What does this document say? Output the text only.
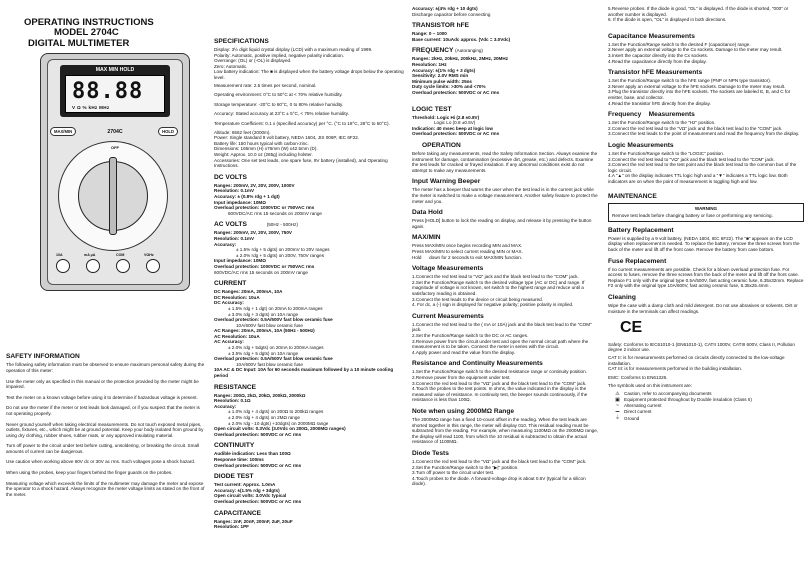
OPERATING INSTRUCTIONS
MODEL 2704C
DIGITAL MULTIMETER
MAX MIN HOLD
88.88
V Ω % kHz MHz
MAX/MIN	2704C	HOLD
OFF
10A	mA µA	COM	VΩHz
SAFETY INFORMATION
The following safety information must be observed to ensure maximum personal safety during the operation of this meter:
Use the meter only as specified in this manual or the protection provided by the meter might be impaired.
Test the meter on a known voltage before using it to determine if hazardous voltage is present.
Do not use the meter if the meter or test leads look damaged, or if you suspect that the meter is not operating properly.
Never ground yourself when taking electrical measurements. Do not touch exposed metal pipes, outlets, fixtures, etc., which might be at ground potential. Keep your body isolated from ground by using dry clothing, rubber shoes, rubber mats, or any approved insulating material.
Turn off power to the circuit under test before cutting, unsoldering, or breaking the circuit. Small amounts of current can be dangerous.
Use caution when working above 60V dc or 30V ac rms. Such voltages pose a shock hazard.
When using the probes, keep your fingers behind the finger guards on the probes.
Measuring voltage which exceeds the limits of the multimeter may damage the meter and expose the operator to a shock hazard. Always recognize the meter voltage limits as stated on the front of the meter.
SPECIFICATIONS
Display: 3½ digit liquid crystal display (LCD) with a maximum reading of 1999.
Polarity: Automatic, positive implied, negative polarity indication.
Overrange: (OL) or (-OL) is displayed.
Zero: Automatic.
Low battery indication: The ■ is displayed when the battery voltage drops below the operating level.
Measurement rate: 2.5 times per second, nominal.
Operating environment: 0°C to 50°C at < 70% relative humidity.
Storage temperature: -20°C to 60°C, 0 to 80% relative humidity.
Accuracy: Stated accuracy at 23°C ± 5°C, < 75% relative humidity.
Temperature Coefficient: 0.1 x (specified accuracy) per °C. (°C to 18°C, 28°C to 50°C).
Altitude: 6562 feet (2000m).
Power: Single standard 9 volt battery, NEDA 1604, JIS 006P, IEC 6F22.
Battery life: 150 hours typical with carbon-zinc.
Dimensions: 165mm (H) x76mm (W) x42.5mm (D).
Weight: Approx. 10.0 oz (285g) including holster.
Accessories: One set test leads, one spare fuse, 9V battery (installed), and Operating Instructions.
DC VOLTS
Ranges: 200mV, 2V, 20V, 200V, 1000V
Resolution: 0.1mV
Accuracy: ± (0.8% rdg + 1 dgt)
Input impedance: 10MΩ
Overload protection: 1000VDC or 750VAC rms
600VDC/AC rms 15 seconds on 200mV range
AC VOLTS	(50Hz - 500Hz)
Ranges: 200mV, 2V, 20V, 200V, 750V
Resolution: 0.1mV
Accuracy:
± 1.5% rdg + 5 dgts) on 200mV to 20V ranges
± 2.0% rdg + 5 dgts) on 200V, 750V ranges
Input impedance: 10MΩ
Overload protection: 1000VDC or 750VAC rms
600VDC/AC rms 15 seconds on 200mV range
CURRENT
DC Ranges: 20mA, 200mA, 10A
DC Resolution: 10uA
DC Accuracy:
± 1.5% rdg + 1 dgt) on 20mA to 200mA ranges
± 3.0% rdg + 3 dgts) on 10A range
Overload protection: 0.5A/500V fast blow ceramic fuse
10A/600V fast blow ceramic fuse
AC Ranges: 20mA, 200mA, 10A (50Hz - 500Hz)
AC Resolution: 10uA
AC Accuracy:
± 2.0% rdg + 5dgts) on 20mA to 200mA ranges
± 3.5% rdg + 5 dgts) on 10A range
Overload protection: 0.5A/500V fast blow ceramic fuse
10A/600V fast blow ceramic fuse
10A AC & DC Input: 10A for 60 seconds maximum followed by a 10 minute cooling period
RESISTANCE
Ranges: 200Ω, 2kΩ, 20kΩ, 200kΩ, 2000kΩ
Resolution: 0.1Ω
Accuracy:
± 1.0% rdg + 4 dgts) on 200Ω to 200kΩ ranges
± 2.0% rdg + 4 dgts) on 2MΩ range
± 2.0% rdg - 10 dgts) +10dgts) on 2000MΩ range
Open circuit volts: 0.3Vdc (3.0Vdc on 200Ω, 2000MΩ ranges)
Overload protection: 500VDC or AC rms
CONTINUITY
Audible indication: Less than 100Ω
Response time: 100ms
Overload protection: 500VDC or AC rms
DIODE TEST
Test current: Approx. 1.0mA
Accuracy: ±(1.5% rdg + 3dgts)
Open circuit volts: 3.0Vdc typical
Overload protection: 500VDC or AC rms
CAPACITANCE
Ranges: 2nF, 20nF, 200nF, 2uF, 20uF
Resolution: 1PF
Accuracy: ±(4% rdg + 10 dgts)
Discharge capacitor before connecting
TRANSISTOR hFE
Range: 0 ~ 1000
Base current: 10uAdc approx. (Vdc = 3.0Vdc)
FREQUENCY (Autoranging)
Ranges: 2kHz, 20kHz, 200kHz, 2MHz, 20MHz
Resolution: 1Hz
Accuracy: ±(1% rdg + 3 dgts)
Sensitivity: 2.0V RMS min
Minimum pulse width: 25ns
Duty cycle limits: >30% and <70%
Overload protection: 500VDC or AC rms
LOGIC TEST
Threshold: Logic Hi (2.8 ±0.8V)
Logic Lo (0.8 ±0.5V)
Indication: 40 msec beep at logic low
Overload protection: 500VDC or AC rms
OPERATION
Before taking any measurements, read the Safety Information Section. Always examine the instrument for damage, contamination (excessive dirt, grease, etc.) and defects. Examine the test leads for cracked or frayed insulation. If any abnormal conditions exist do not attempt to make any measurements.
Input Warning Beeper
The meter has a beeper that warns the user when the test lead is in the current jack while the meter is switched to make a voltage measurement. Another safety feature to protect the meter and you.
Data Hold
Press [HOLD] button to lock the reading on display, and release it by pressing the button again.
MAX/MIN
Press MAX/MIN once begins recording MIN and MAX.
Press MAX/MIN to select current reading MIN or MAX.
Hold      down for 2 seconds to exit MAX/MIN function.
Voltage Measurements
1.Connect the red test lead to "VΩ" jack and the black test lead to the "COM" jack.
2.Set the Function/Range switch to the desired voltage type (AC or DC) and range. If magnitude of voltage is not known, set switch to the highest range and reduce until a satisfactory reading is obtained.
3.Connect the test leads to the device or circuit being measured.
4. For dc, a (-) sign is displayed for negative polarity; positive polarity is implied.
Current Measurements
1.Connect the red test lead to the ( mA or 10A) jack and the black test lead to the "COM" jack.
2.Set the Function/Range switch to the DC or AC ranges.
3.Remove power from the circuit under test and open the normal circuit path where the measurement is to be taken. Connect the meter in series with the circuit.
4.Apply power and read the value from the display.
Resistance and Continuity Measurements
1.Set the Function/Range switch to the desired resistance range or continuity position.
2.Remove power from the equipment under test.
3.Connect the red test lead to the "VΩ" jack and the black test lead to the "COM" jack.
4.Touch the probes to the test points. In ohms, the value indicated in the display is the measured value of resistance. In continuity test, the beeper sounds continuously, if the resistance is less than 100Ω.
Note when using 2000MΩ Range
The 2000MΩ range has a fixed 10-count offset in the reading. When the test leads are shorted together in this range, the meter will display 010. This residual reading must be subtracted from the reading. For example, when measuring 1100MΩ on the 2000MΩ range, the display will read 1100, from which the 10 residual is subtracted to obtain the actual resistance of 1100MΩ.
Diode Tests
1.Connect the red test lead to the "VΩ" jack and the black test lead to the "COM" jack.
2.Set the Function/Range switch to the "▶|" position.
3.Turn off power to the circuit under test.
4.Touch probes to the diode. A forward-voltage drop is about 0.6V (typical for a silicon diode).
5.Reverse probes. If the diode is good, "OL" is displayed. If the diode is shorted, "000" or another number is displayed.
6. If the diode is open, "OL" is displayed in both directions.
Capacitance Measurements
1.Set the Function/Range switch to the desired F (capacitance) range.
2.Never apply an external voltage to the Cx sockets. Damage to the meter may result.
3.Insert the capacitor directly into the Cx sockets.
4.Read the capacitance directly from the display.
Transistor hFE Measurements
1.Set the Function/Range switch to the hFE range (PNP or NPN type transistor).
2.Never apply an external voltage to the hFE sockets. Damage to the meter may result.
3.Plug the transistor directly into the hFE sockets. The sockets are labeled E, B, and C for emitter, base, and collector.
4.Read the transistor hFE directly from the display.
Frequency    Measurements
1.Set the Function/Range switch to the "Hz" position.
2.Connect the red test lead to the "VΩ" jack and the black test lead to the "COM" jack.
3.Connect the test leads to the point of measurement and read the frequency from the display.
Logic Measurements
1.Set the Function/Range switch to the "LOGIC" position.
2.Connect the red test lead to "VΩ" jack and the black test lead to the "COM" jack.
3.Connect the red test lead to the test point and the black test lead to the common bus of the logic circuit.
4.A "▲" on the display indicates TTL logic high and a "▼" indicates a TTL logic low. Both indicators are on when the point of measurement is toggling high and low.
MAINTENANCE
WARNING
Remove test leads before changing battery or fuse or performing any servicing.
Battery Replacement
Power is supplied by a 9 volt battery. (NEDA 1604, IEC 6F22). The "■" appears on the LCD display when replacement is needed. To replace the battery, remove the three screws from the back of the meter and lift off the front case. Remove the battery from case bottom.
Fuse Replacement
If no current measurements are possible. Check for a blown overload protection fuse. For access to fuses, remove the three screws from the back of the meter and lift off the front case. Replace F1 only with the original type 0.5A/500V, fast acting ceramic fuse, 6.35x32mm. Replace F2 only with the original type 10A/600V, fast acting ceramic fuse, 6.35x25.4mm .
Cleaning
Wipe the case with a damp cloth and mild detergent. Do not use abrasives or solvents. Dirt or moisture in the terminals can affect readings.
CE
Safety: Conforms to IEC61010-1 (EN61010-1), CATII 1000V, CATIII 600V, Class II, Pollution degree 2 indoor use.
CAT II: is for measurements performed on circuits directly connected to the low-voltage installation.
CAT III: is for measurements performed in the building installation.
EMC: Conforms to EN61326.
The symbols used on this instrument are:
⚠ Caution, refer to accompanying documents
▣ Equipment protected throughout by Double insulation (Class II)
~	Alternating current
⎓ Direct current
⏚ Ground
